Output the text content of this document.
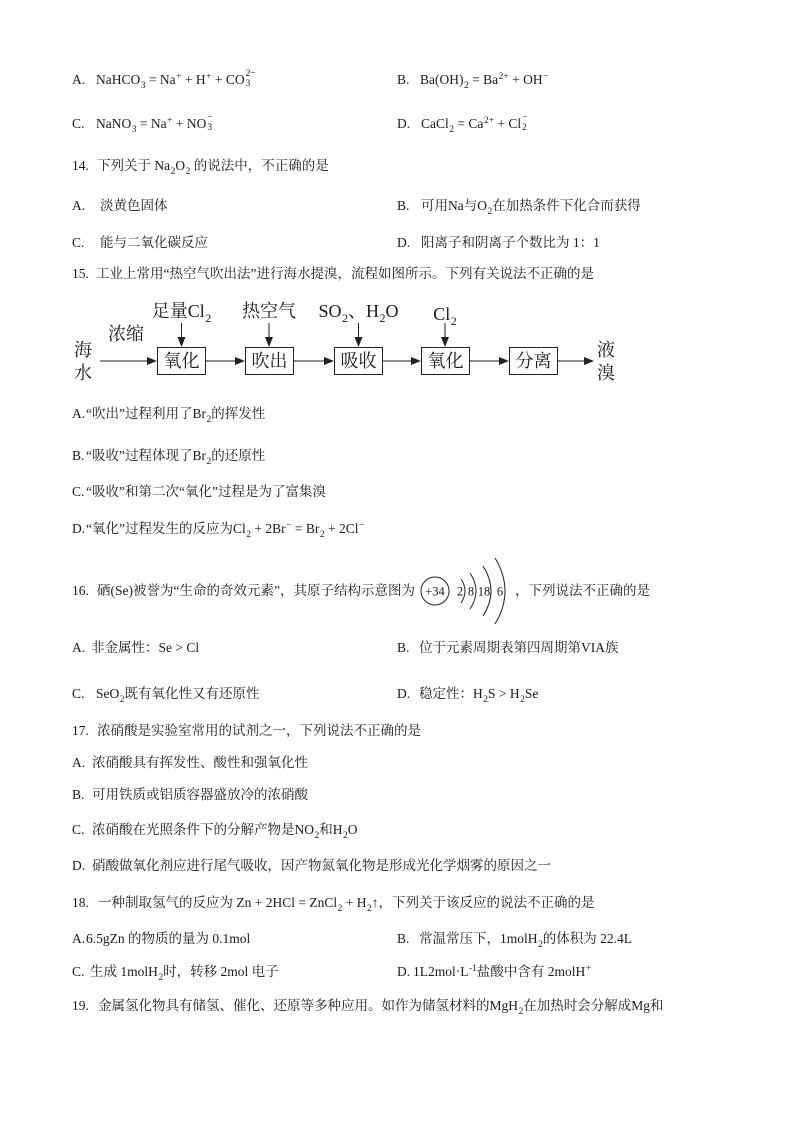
A. NaHCO$_3$ = Na+ + H+ + CO 2−
3	B. $Ba(OH)_2 = Ba^{2+} + OH^-$
C. NaNO$_3$ = Na+ + NO −
3	D. CaCl$_2$ = $Ca^{2+} + Cl$ −
2
14. 下列关于 $Na_2O_2$ 的说法中，不正确的是
A.	淡黄色固体	B. 可用Na与$O_2$在加热条件下化合而获得
C.	能与二氧化碳反应	D. 阳离子和阴离子个数比为 1：1
15. 工业上常用“热空气吹出法”进行海水提溴，流程如图所示。下列有关说法不正确的是
海水
浓缩
氧化	吹出	吸收	氧化	分离
足量$Cl_2$	热空气	$SO_2$、$H_2O$	$Cl_2$
液溴
A. “吹出”过程利用了$Br_2$的挥发性
B. “吸收”过程体现了$Br_2$的还原性
C. “吸收”和第二次“氧化”过程是为了富集溴
D. “氧化”过程发生的反应为$Cl_2 + 2Br^- = Br_2 + 2Cl^-$
16. 硒(Se)被誉为“生命的奇效元素”，其原子结构示意图为 +34 2 8 18 6 ，下列说法不正确的是
A. 非金属性：Se > Cl	B. 位于元素周期表第四周期第VIA族
C. SeO$_2$既有氧化性又有还原性	D. 稳定性：$H_2S > H_2Se$
17. 浓硝酸是实验室常用的试剂之一，下列说法不正确的是
A. 浓硝酸具有挥发性、酸性和强氧化性
B. 可用铁质或铝质容器盛放冷的浓硝酸
C. 浓硝酸在光照条件下的分解产物是$NO_2$和$H_2O$
D. 硝酸做氧化剂应进行尾气吸收，因产物氮氧化物是形成光化学烟雾的原因之一
18. 一种制取氢气的反应为 Zn + 2HCl = ZnCl$_2$ + $H_2↑$，下列关于该反应的说法不正确的是
A. 6.5gZn 的物质的量为 0.1mol	B. 常温常压下，1molH$_2$的体积为 22.4L
C. 生成 1molH$_2$时，转移 2mol 电子	D. $1L2mol\cdot L^{-1}$盐酸中含有 2molH+
19. 金属氢化物具有储氢、催化、还原等多种应用。如作为储氢材料的MgH$_2$在加热时会分解成Mg和
